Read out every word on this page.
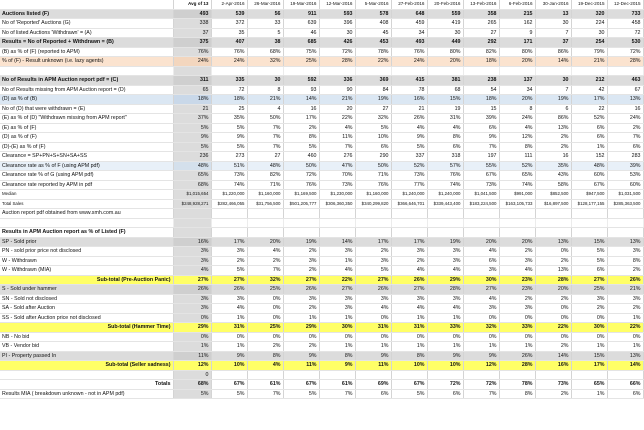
	Avg of 13	2-Apr-2016	26-Mar-2016	19-Mar-2016	12-Mar-2016	5-Mar-2016	27-Feb-2016	20-Feb-2016	13-Feb-2016	6-Feb-2016	30-Jan-2016	19-Dec-2015	12-Dec-2015	
Auctions listed (F)	493	539	56	911	593	578	648	559	358	215	13	320	733	
No of 'Reported' Auctions (G)	338	372	33	639	396	408	459	419	265	162	30	224	458	
No of listed Auctions 'Withdrawn' = (A)	37	35	5	46	30	45	34	30	27	9	7	30	72	
Results = No of Reported + Withdrawn = (B)	375	407	38	685	426	453	493	449	292	171	37	254	530	
(B) as % of (F) (reported to APM)	76%	76%	68%	75%	72%	78%	76%	80%	82%	80%	86%	79%	72%	
% of (F) - Result unknown (i.e. lazy agents)	24%	24%	32%	25%	28%	22%	24%	20%	18%	20%	14%	21%	28%	

No of Results in APM Auction report pdf = (C)	311	335	30	592	336	369	415	381	238	137	30	212	463	
No of Results missing from APM Auction report = (D)	65	72	8	93	90	84	78	68	54	34	7	42	67	
(D) as % of (B)	18%	18%	21%	14%	21%	19%	16%	15%	18%	20%	19%	17%	13%	
No of (D) that were withdrawn = (E)	21	25	4	16	20	27	21	19	15	8	6	22	16	
(E) as % of (D) "Withdrawn missing from APM report"	37%	35%	50%	17%	22%	32%	26%	31%	39%	24%	86%	52%	24%	
(E) as % of (F)	5%	5%	7%	2%	4%	5%	4%	4%	6%	4%	13%	6%	2%	
(D) as % of (F)	9%	9%	7%	8%	11%	10%	9%	8%	9%	12%	2%	6%	7%	
(D)-(E) as % of (F)	5%	5%	7%	5%	7%	6%	5%	6%	7%	8%	2%	1%	6%	
Clearance = SP+PN+S+SN+SA+SS	236	273	27	460	276	290	337	318	197	111	16	152	283	
Clearance rate as % of F (using APM pdf)	48%	51%	48%	50%	47%	50%	52%	57%	55%	52%	35%	48%	39%	
Clearance rate % of G (using APM pdf)	65%	73%	82%	72%	70%	71%	73%	76%	67%	65%	43%	60%	53%	
Clearance rate reported by APM in pdf	68%	74%	71%	76%	73%	76%	77%	74%	73%	74%	58%	67%	60%	
Median	$1,015,654	$1,220,000	$1,160,000	$1,169,500	$1,230,000	$1,160,000	$1,240,000	$1,240,000	$1,041,500	$991,000	$852,500	$947,500	$1,031,500	
Total Sales	$248,928,271	$282,466,055	$31,756,500	$501,205,777	$306,360,350	$340,299,820	$366,646,701	$339,443,400	$183,224,500	$163,105,733	$16,897,500	$128,177,155	$285,363,500	
Auction report pdf obtained from www.smh.com.au														

Results in APM Auction report as % of Listed (F)														
SP - Sold prior	16%	17%	20%	19%	14%	17%	17%	19%	20%	20%	13%	15%	13%	
PN - sold prior price not disclosed	3%	3%	4%	2%	3%	2%	3%	3%	4%	2%	0%	5%	3%	
W - Withdrawn	3%	2%	2%	3%	1%	3%	2%	3%	6%	3%	2%	5%	8%	
W - Withdrawn (MIA)	4%	5%	7%	2%	4%	5%	4%	4%	3%	4%	13%	6%	2%	
Sub-total (Pre-Auction Panic)	27%	27%	32%	27%	22%	27%	26%	29%	30%	23%	28%	27%	26%	
S - Sold under hammer	26%	26%	25%	26%	27%	26%	27%	28%	27%	23%	20%	25%	21%	
SN - Sold not disclosed	3%	3%	0%	3%	3%	3%	3%	3%	4%	2%	2%	3%	3%	
SA - Sold after Auction	3%	4%	0%	2%	3%	4%	4%	4%	3%	3%	0%	2%	2%	
SS - Sold after Auction price not disclosed	0%	1%	0%	1%	1%	0%	1%	1%	0%	0%	0%	0%	1%	
Sub-total (Hammer Time)	29%	31%	25%	29%	30%	31%	31%	33%	32%	33%	22%	30%	22%	
NB - No bid	0%	0%	0%	0%	0%	0%	0%	0%	0%	0%	0%	0%	0%	
VB - Vendor bid	1%	1%	2%	2%	1%	1%	1%	1%	1%	1%	2%	1%	1%	
PI - Property passed In	11%	9%	8%	9%	8%	9%	8%	9%	9%	26%	14%	15%	13%	
Sub-total (Seller sadness)	12%	10%	4%	11%	9%	11%	10%	10%	12%	28%	16%	17%	14%	
	0													
Totals	68%	67%	61%	67%	61%	69%	67%	72%	72%	78%	73%	65%	66%	
Results MIA ( breakdown unknown - not in APM pdf)	5%	5%	7%	5%	7%	6%	5%	6%	7%	8%	2%	1%	6%	
